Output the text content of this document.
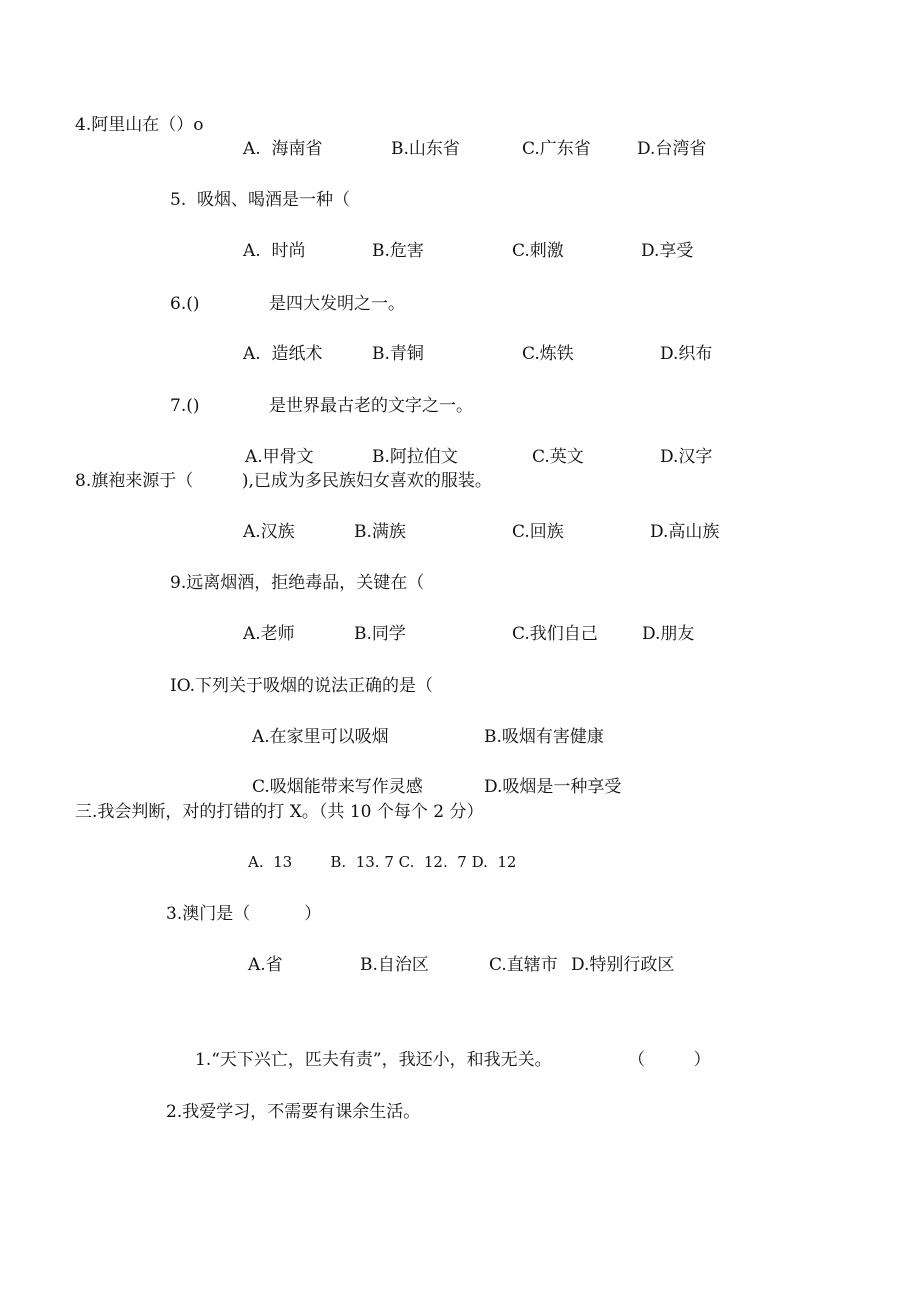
4.阿里山在（）o
A.  海南省	B.山东省	C.广东省	D.台湾省
5.  吸烟、喝酒是一种（
A.  时尚	B.危害	C.刺激	D.享受
6.()	是四大发明之一。
A.  造纸术	B.青铜	C.炼铁	D.织布
7.()	是世界最古老的文字之一。
A.甲骨文	B.阿拉伯文	C.英文	D.汉字
8.旗袍来源于（         ),已成为多民族妇女喜欢的服装。
A.汉族	B.满族	C.回族	D.高山族
9.远离烟酒，拒绝毒品，关键在（
A.老师	B.同学	C.我们自己	D.朋友
IO.下列关于吸烟的说法正确的是（
A.在家里可以吸烟	B.吸烟有害健康
C.吸烟能带来写作灵感	D.吸烟是一种享受
三.我会判断，对的打错的打 X。（共 10 个每个 2 分）
A.  13        B.  13. 7 C.  12.  7 D.  12
3.澳门是（          ）
A.省	B.自治区	C.直辖市 D.特别行政区
1.“天下兴亡，匹夫有责”，我还小，和我无关。	（         ）
2.我爱学习，不需要有课余生活。
